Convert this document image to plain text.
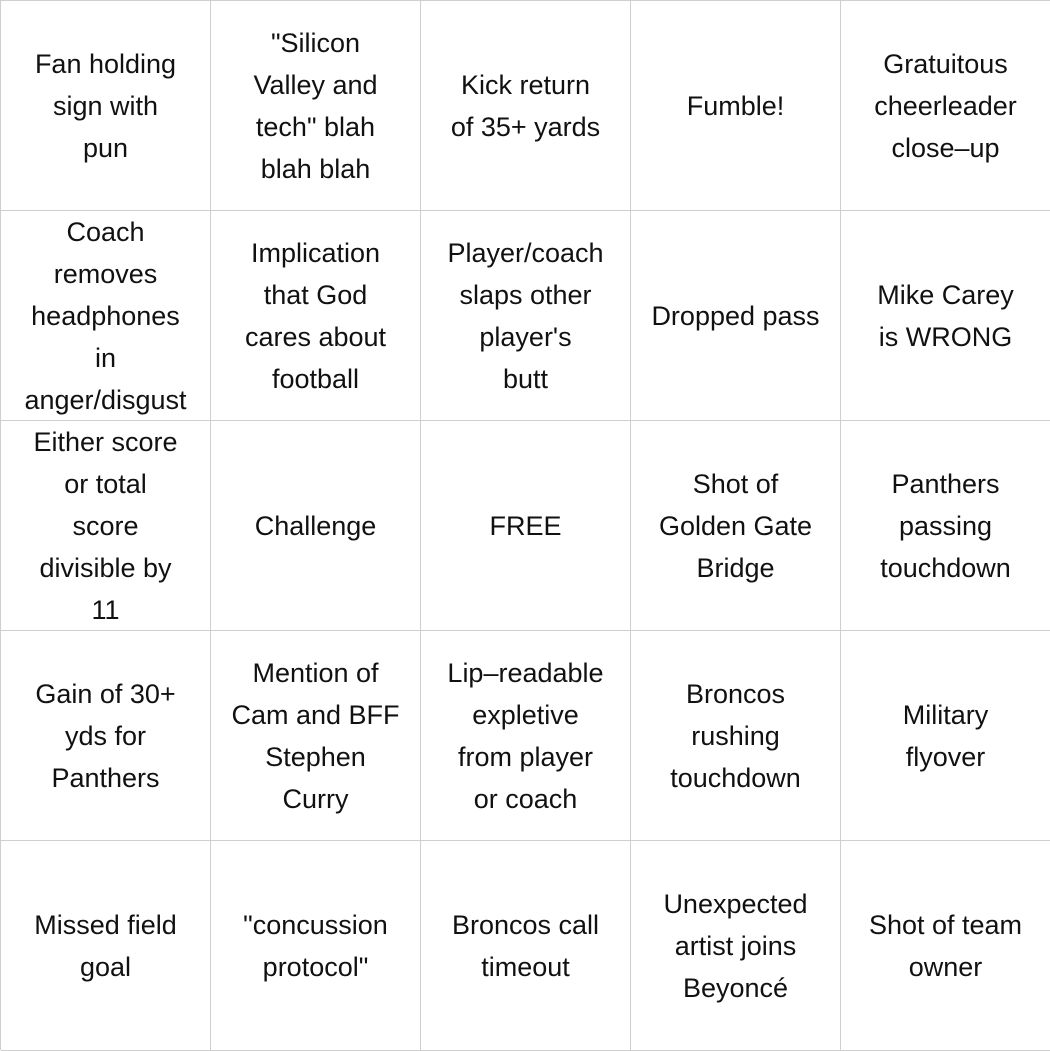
Fan holding
sign with
pun
"Silicon
Valley and
tech" blah
blah blah
Kick return
of 35+ yards
Fumble!
Gratuitous
cheerleader
close–up
Coach
removes
headphones
in
anger/disgust
Implication
that God
cares about
football
Player/coach
slaps other
player's
butt
Dropped pass
Mike Carey
is WRONG
Either score
or total
score
divisible by
11
Challenge	FREE
Shot of
Golden Gate
Bridge
Panthers
passing
touchdown
Gain of 30+
yds for
Panthers
Mention of
Cam and BFF
Stephen
Curry
Lip–readable
expletive
from player
or coach
Broncos
rushing
touchdown
Military
flyover
Missed field
goal
"concussion
protocol"
Broncos call
timeout
Unexpected
artist joins
Beyoncé
Shot of team
owner
